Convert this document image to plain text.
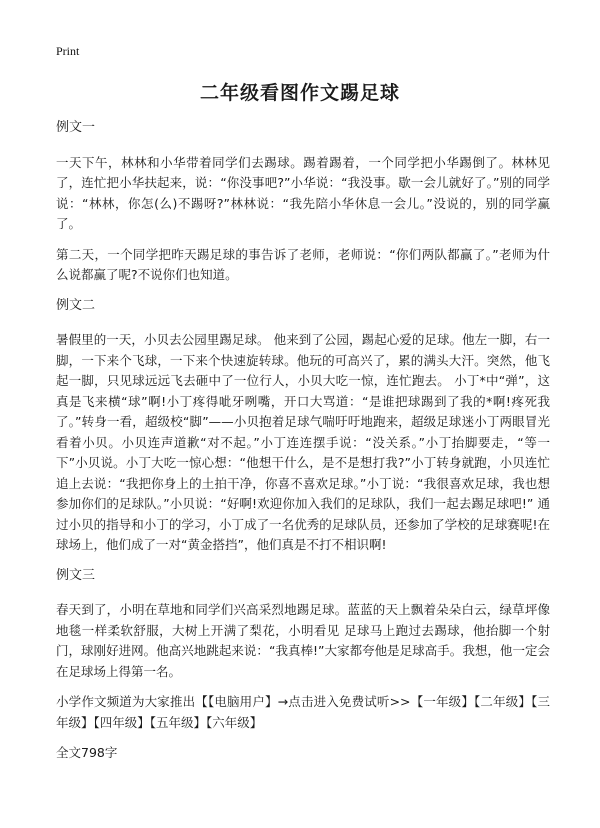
Print
二年级看图作文踢足球

例文一

一天下午，林林和小华带着同学们去踢球。踢着踢着，一个同学把小华踢倒了。林林见了，连忙把小华扶起来，说：“你没事吧?”小华说：“我没事。歇一会儿就好了。”别的同学说：“林林，你怎(么)不踢呀?”林林说：“我先陪小华休息一会儿。”没说的，别的同学赢了。

第二天，一个同学把昨天踢足球的事告诉了老师，老师说：“你们两队都赢了。”老师为什么说都赢了呢?不说你们也知道。

例文二

暑假里的一天，小贝去公园里踢足球。 他来到了公园，踢起心爱的足球。他左一脚，右一脚，一下来个飞球，一下来个快速旋转球。他玩的可高兴了，累的满头大汗。突然，他飞起一脚，只见球远远飞去砸中了一位行人，小贝大吃一惊，连忙跑去。 小丁*中“弹”，这真是飞来横“球”啊!小丁疼得呲牙咧嘴，开口大骂道：“是谁把球踢到了我的*啊!疼死我了。”转身一看，超级校“脚”——小贝抱着足球气喘吁吁地跑来，超级足球迷小丁两眼冒光看着小贝。小贝连声道歉“对不起。”小丁连连摆手说：“没关系。”小丁抬脚要走，“等一下”小贝说。小丁大吃一惊心想：“他想干什么，是不是想打我?”小丁转身就跑，小贝连忙追上去说：“我把你身上的土拍干净，你喜不喜欢足球。”小丁说：“我很喜欢足球，我也想参加你们的足球队。”小贝说：“好啊!欢迎你加入我们的足球队，我们一起去踢足球吧!” 通过小贝的指导和小丁的学习，小丁成了一名优秀的足球队员，还参加了学校的足球赛呢!在球场上，他们成了一对“黄金搭挡”，他们真是不打不相识啊!

例文三

春天到了，小明在草地和同学们兴高采烈地踢足球。蓝蓝的天上飘着朵朵白云，绿草坪像地毯一样柔软舒服，大树上开满了梨花，小明看见 足球马上跑过去踢球，他抬脚一个射门，球刚好进网。他高兴地跳起来说：“我真棒!”大家都夸他是足球高手。我想，他一定会在足球场上得第一名。

小学作文频道为大家推出【【电脑用户】→点击进入免费试听>>【一年级】【二年级】【三年级】【四年级】【五年级】【六年级】

全文798字
